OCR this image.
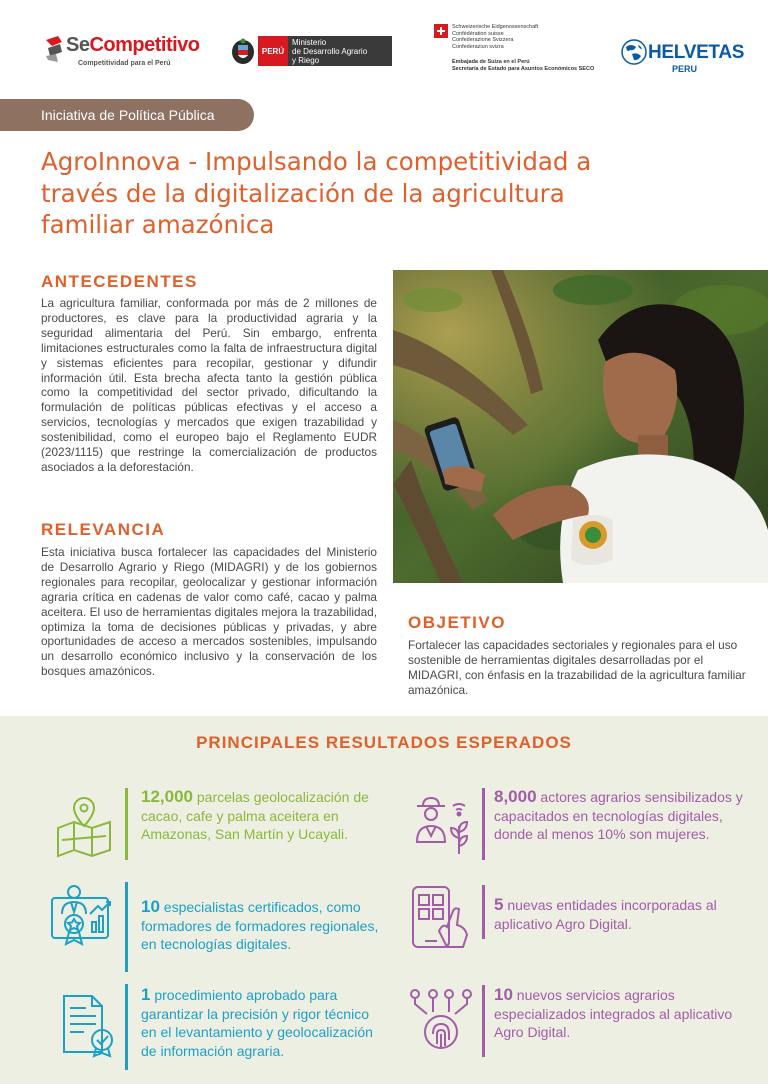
SeCompetitivo
Competitividad para el Perú
PERÚ
Ministerio
de Desarrollo Agrario
y Riego
Schweizerische Eidgenossenschaft
Confédération suisse
Confederazione Svizzera
Confederaziun svizra
Embajada de Suiza en el Perú
Secretaría de Estado para Asuntos Económicos SECO
HELVETAS
PERU
Iniciativa de Política Pública
AgroInnova - Impulsando la competitividad a través de la digitalización de la agricultura familiar amazónica
ANTECEDENTES

La agricultura familiar, conformada por más de 2 millones de productores, es clave para la productividad agraria y la seguridad alimentaria del Perú. Sin embargo, enfrenta limitaciones estructurales como la falta de infraestructura digital y sistemas eficientes para recopilar, gestionar y difundir información útil. Esta brecha afecta tanto la gestión pública como la competitividad del sector privado, dificultando la formulación de políticas públicas efectivas y el acceso a servicios, tecnologías y mercados que exigen trazabilidad y sostenibilidad, como el europeo bajo el Reglamento EUDR (2023/1115) que restringe la comercialización de productos asociados a la deforestación.

RELEVANCIA

Esta iniciativa busca fortalecer las capacidades del Ministerio de Desarrollo Agrario y Riego (MIDAGRI) y de los gobiernos regionales para recopilar, geolocalizar y gestionar información agraria crítica en cadenas de valor como café, cacao y palma aceitera. El uso de herramientas digitales mejora la trazabilidad, optimiza la toma de decisiones públicas y privadas, y abre oportunidades de acceso a mercados sostenibles, impulsando un desarrollo económico inclusivo y la conservación de los bosques amazónicos.

OBJETIVO

Fortalecer las capacidades sectoriales y regionales para el uso sostenible de herramientas digitales desarrolladas por el MIDAGRI, con énfasis en la trazabilidad de la agricultura familiar amazónica.

PRINCIPALES RESULTADOS ESPERADOS
12,000 parcelas geolocalización de cacao, cafe y palma aceitera en Amazonas, San Martín y Ucayali.
8,000 actores agrarios sensibilizados y capacitados en tecnologías digitales, donde al menos 10% son mujeres.
10 especialistas certificados, como formadores de formadores regionales, en tecnologías digitales.
5 nuevas entidades incorporadas al aplicativo Agro Digital.
1 procedimiento aprobado para garantizar la precisión y rigor técnico en el levantamiento y geolocalización de información agraria.
10 nuevos servicios agrarios especializados integrados al aplicativo Agro Digital.
